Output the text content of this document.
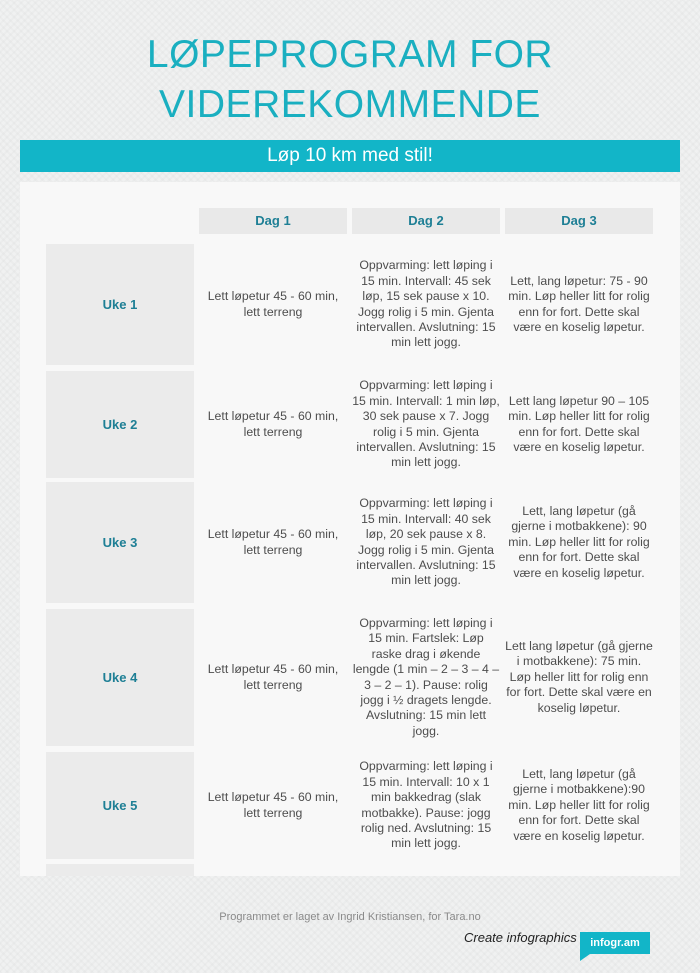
LØPEPROGRAM FOR
VIDEREKOMMENDE
Løp 10 km med stil!
Dag 1	Dag 2	Dag 3
Uke 1
Lett løpetur 45 - 60 min, lett terreng
Oppvarming: lett løping i 15 min. Intervall: 45 sek løp, 15 sek pause x 10. Jogg rolig i 5 min. Gjenta intervallen. Avslutning: 15 min lett jogg.
Lett, lang løpetur: 75 - 90 min. Løp heller litt for rolig enn for fort. Dette skal være en koselig løpetur.
Uke 2
Lett løpetur 45 - 60 min, lett terreng
Oppvarming: lett løping i 15 min. Intervall: 1 min løp, 30 sek pause x 7. Jogg rolig i 5 min. Gjenta intervallen. Avslutning: 15 min lett jogg.
Lett lang løpetur 90 – 105 min. Løp heller litt for rolig enn for fort. Dette skal være en koselig løpetur.
Uke 3
Lett løpetur 45 - 60 min, lett terreng
Oppvarming: lett løping i 15 min. Intervall: 40 sek løp, 20 sek pause x 8. Jogg rolig i 5 min. Gjenta intervallen. Avslutning: 15 min lett jogg.
Lett, lang løpetur (gå gjerne i motbakkene): 90 min. Løp heller litt for rolig enn for fort. Dette skal være en koselig løpetur.
Uke 4
Lett løpetur 45 - 60 min, lett terreng
Oppvarming: lett løping i 15 min. Fartslek: Løp raske drag i økende lengde (1 min – 2 – 3 – 4 – 3 – 2 – 1). Pause: rolig jogg i ½ dragets lengde. Avslutning: 15 min lett jogg.
Lett lang løpetur (gå gjerne i motbakkene): 75 min. Løp heller litt for rolig enn for fort. Dette skal være en koselig løpetur.
Uke 5
Lett løpetur 45 - 60 min, lett terreng
Oppvarming: lett løping i 15 min. Intervall: 10 x 1 min bakkedrag (slak motbakke). Pause: jogg rolig ned. Avslutning: 15 min lett jogg.
Lett, lang løpetur (gå gjerne i motbakkene):90 min. Løp heller litt for rolig enn for fort. Dette skal være en koselig løpetur.
Programmet er laget av Ingrid Kristiansen, for Tara.no
Create infographics	infogr.am
